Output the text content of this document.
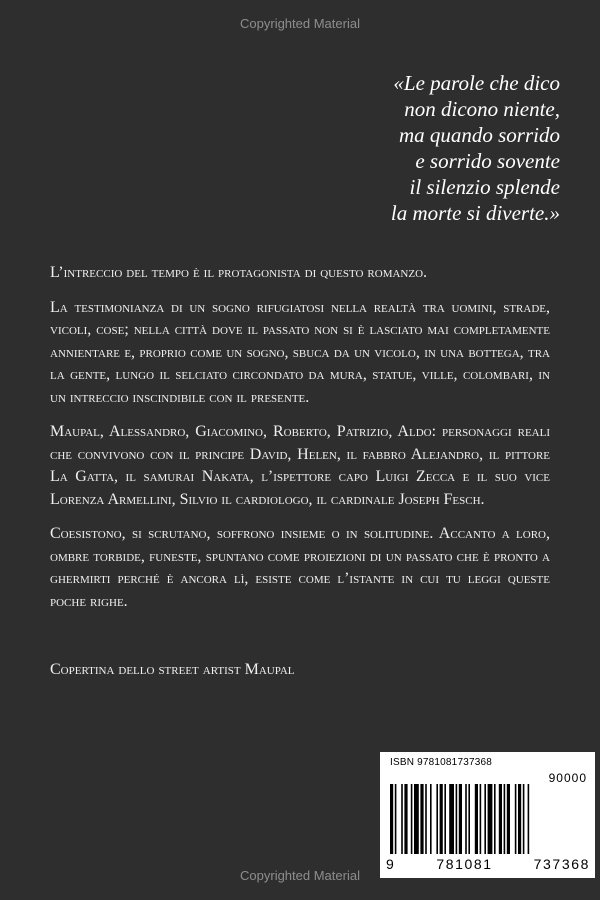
Copyrighted Material
«Le parole che dico
non dicono niente,
ma quando sorrido
e sorrido sovente
il silenzio splende
la morte si diverte.»

L’intreccio del tempo è il protagonista di questo romanzo.

La testimonianza di un sogno rifugiatosi nella realtà tra uomini, strade, vicoli, cose; nella città dove il passato non si è lasciato mai completamente annientare e, proprio come un sogno, sbuca da un vicolo, in una bottega, tra la gente, lungo il selciato circondato da mura, statue, ville, colombari, in un intreccio inscindibile con il presente.

Maupal, Alessandro, Giacomino, Roberto, Patrizio, Aldo: personaggi reali che convivono con il principe David, Helen, il fabbro Alejandro, il pittore La Gatta, il samurai Nakata, l’ispettore capo Luigi Zecca e il suo vice Lorenza Armellini, Silvio il cardiologo, il cardinale Joseph Fesch.

Coesistono, si scrutano, soffrono insieme o in solitudine. Accanto a loro, ombre torbide, funeste, spuntano come proiezioni di un passato che è pronto a ghermirti perché è ancora lì, esiste come l’istante in cui tu leggi queste poche righe.

Copertina dello street artist Maupal
ISBN 9781081737368
90000
9	781081	737368
Copyrighted Material
